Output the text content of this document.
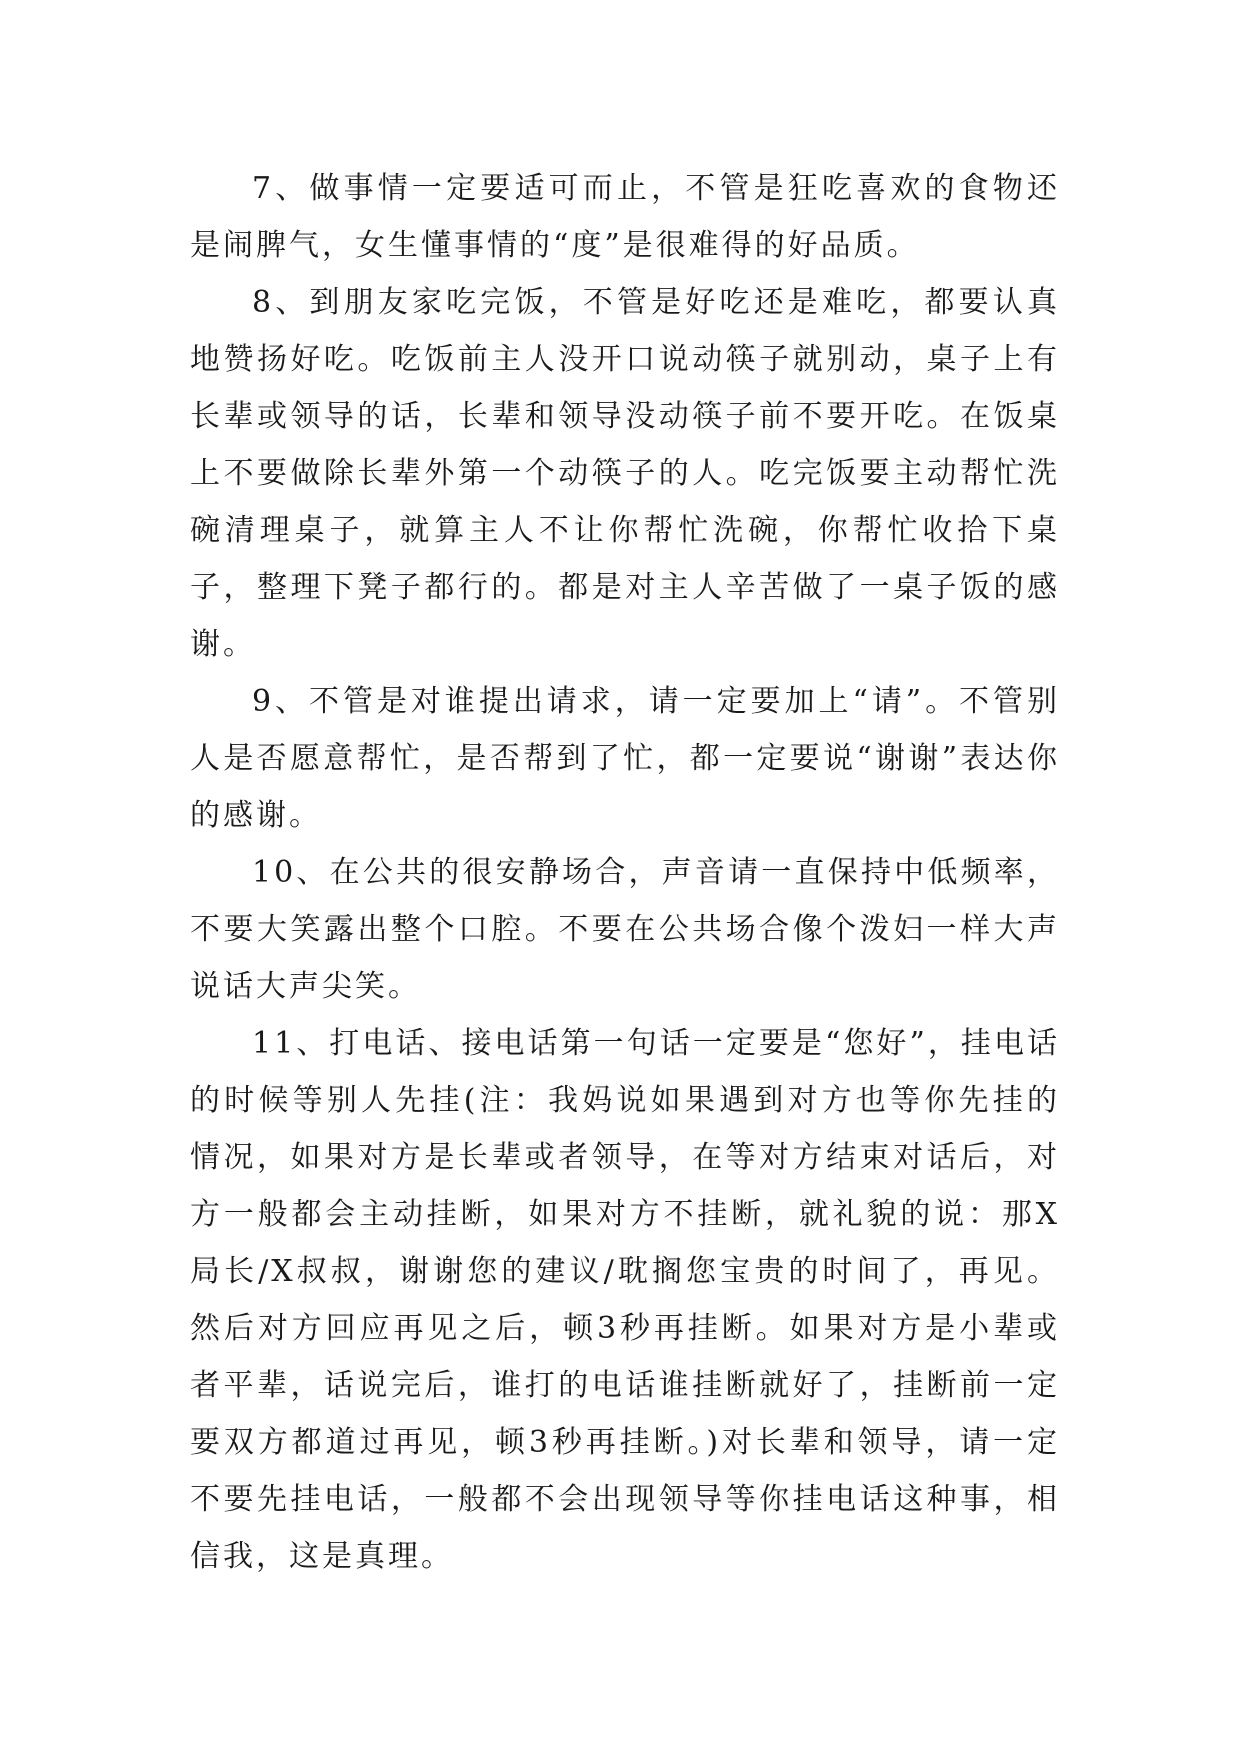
7、做事情一定要适可而止，不管是狂吃喜欢的食物还是闹脾气，女生懂事情的“度”是很难得的好品质。

8、到朋友家吃完饭，不管是好吃还是难吃，都要认真地赞扬好吃。吃饭前主人没开口说动筷子就别动，桌子上有长辈或领导的话，长辈和领导没动筷子前不要开吃。在饭桌上不要做除长辈外第一个动筷子的人。吃完饭要主动帮忙洗碗清理桌子，就算主人不让你帮忙洗碗，你帮忙收拾下桌子，整理下凳子都行的。都是对主人辛苦做了一桌子饭的感谢。

9、不管是对谁提出请求，请一定要加上“请”。不管别人是否愿意帮忙，是否帮到了忙，都一定要说“谢谢”表达你的感谢。

10、在公共的很安静场合，声音请一直保持中低频率，不要大笑露出整个口腔。不要在公共场合像个泼妇一样大声说话大声尖笑。

11、打电话、接电话第一句话一定要是“您好”，挂电话的时候等别人先挂(注：我妈说如果遇到对方也等你先挂的情况，如果对方是长辈或者领导，在等对方结束对话后，对方一般都会主动挂断，如果对方不挂断，就礼貌的说：那X局长/X叔叔，谢谢您的建议/耽搁您宝贵的时间了，再见。然后对方回应再见之后，顿3秒再挂断。如果对方是小辈或者平辈，话说完后，谁打的电话谁挂断就好了，挂断前一定要双方都道过再见，顿3秒再挂断。)对长辈和领导，请一定不要先挂电话，一般都不会出现领导等你挂电话这种事，相信我，这是真理。
